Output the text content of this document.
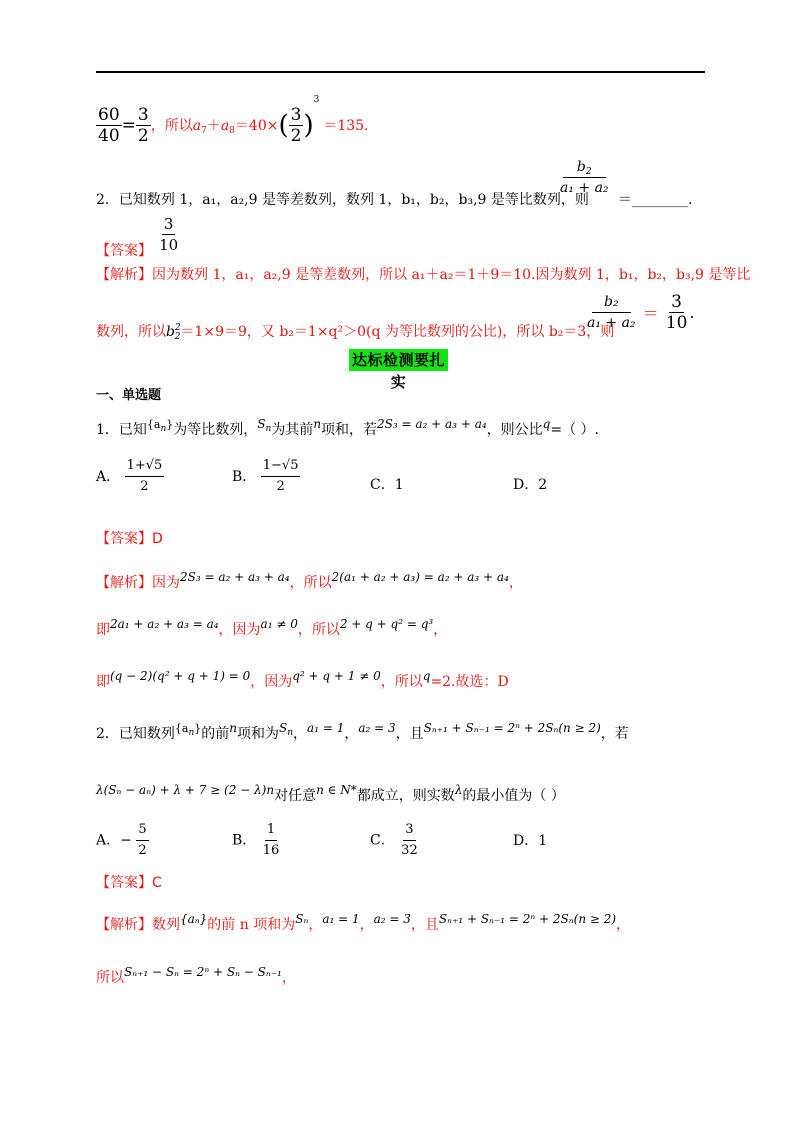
$\frac{60}{40} = \frac{3}{2}$ ，所以$a_7+a_8=40\times( \frac{3}{2} )^3=135$.
2．已知数列 1，a₁，a₂,9 是等差数列，数列 1，b₁，b₂，b₃,9 是等比数列，则
$\frac{b_2}{\text{a₁ + a₂}}$
＝________.
【答案】 $\frac{3}{10}$
【解析】因为数列 1，a₁，a₂,9 是等差数列，所以 a₁＋a₂＝1＋9＝10.因为数列 1，b₁，b₂，b₃,9 是等比
数列，所以$b^2_2=1\times 9=9$，又 b₂＝1×q²＞0(q 为等比数列的公比)，所以 b₂＝3，则
$\frac{\text{b₂}}{\text{a₁ + a₂}} = \frac{3}{10}$ .
达标检测要扎实
一、单选题
1．已知$^{\{a_n\}}$为等比数列，$S_n$为其前n项和，若2S₃ = a₂ + a₃ + a₄，则公比q=（ ）.
A． $\frac{1+√5}{2}$	B． $\frac{1-√5}{2}$	C．1	D．2
【答案】D
【解析】因为2S₃ = a₂ + a₃ + a₄，所以2(a₁ + a₂ + a₃) = a₂ + a₃ + a₄，
即2a₁ + a₂ + a₃ = a₄，因为a₁ ≠ 0，所以2 + q + q² = q³，
即(q − 2)(q² + q + 1) = 0，因为q² + q + 1 ≠ 0，所以q=2.故选：D
2．已知数列$^{\{a_n\}}$的前n项和为$S_n$，a₁ = 1，a₂ = 3，且Sₙ₊₁ + Sₙ₋₁ = 2ⁿ + 2Sₙ(n ≥ 2)，若
λ(Sₙ − aₙ) + λ + 7 ≥ (2 − λ)n对任意n ∈ N*都成立，则实数λ的最小值为（ ）
A．− $\frac{5}{2}$	B． $\frac{1}{16}$	C． $\frac{3}{32}$	D．1
【答案】C
【解析】数列{aₙ}的前 n 项和为Sₙ，a₁ = 1，a₂ = 3，且Sₙ₊₁ + Sₙ₋₁ = 2ⁿ + 2Sₙ(n ≥ 2)，
所以Sₙ₊₁ − Sₙ = 2ⁿ + Sₙ − Sₙ₋₁，
